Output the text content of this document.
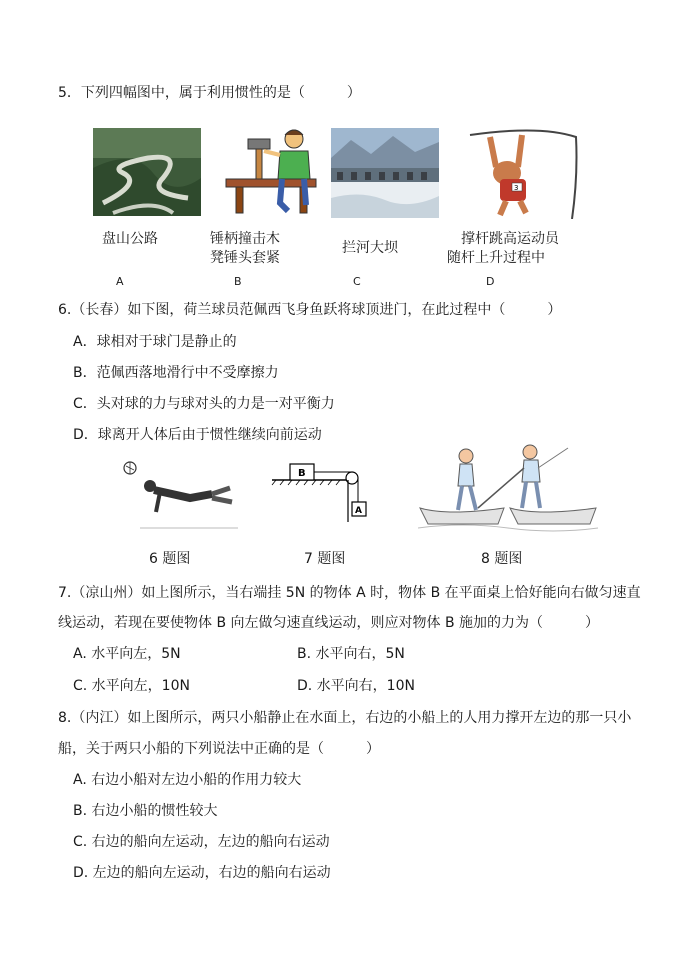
5．下列四幅图中，属于利用惯性的是（　　　）
3
盘山公路	锤柄撞击木
凳锤头套紧
拦河大坝
撑杆跳高运动员
随杆上升过程中
A	B	C	D
6.（长春）如下图，荷兰球员范佩西飞身鱼跃将球顶进门，在此过程中（　　　）
A．球相对于球门是静止的
B．范佩西落地滑行中不受摩擦力
C．头对球的力与球对头的力是一对平衡力
D．球离开人体后由于惯性继续向前运动
B
A
6 题图	7 题图	8 题图
7.（凉山州）如上图所示，当右端挂 5N 的物体 A 时，物体 B 在平面桌上恰好能向右做匀速直
线运动，若现在要使物体 B 向左做匀速直线运动，则应对物体 B 施加的力为（　　　）
A. 水平向左，5N	B. 水平向右，5N
C. 水平向左，10N	D. 水平向右，10N
8.（内江）如上图所示，两只小船静止在水面上，右边的小船上的人用力撑开左边的那一只小
船，关于两只小船的下列说法中正确的是（　　　）
A. 右边小船对左边小船的作用力较大
B. 右边小船的惯性较大
C. 右边的船向左运动，左边的船向右运动
D. 左边的船向左运动，右边的船向右运动
